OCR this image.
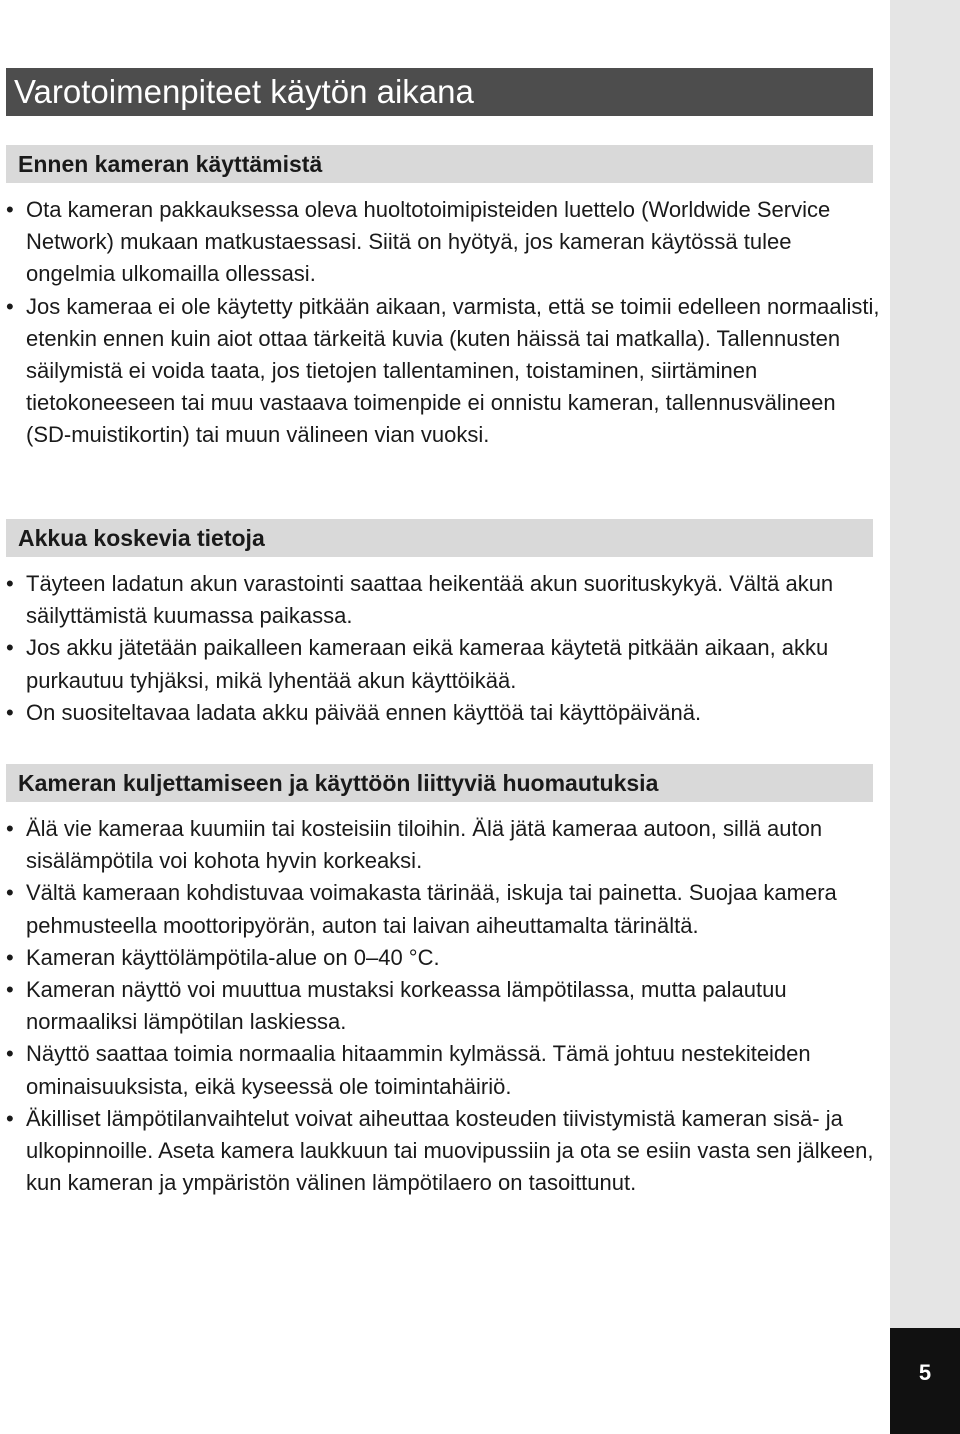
5
Varotoimenpiteet käytön aikana
Ennen kameran käyttämistä
• Ota kameran pakkauksessa oleva huoltotoimipisteiden luettelo (Worldwide Service Network) mukaan matkustaessasi. Siitä on hyötyä, jos kameran käytössä tulee ongelmia ulkomailla ollessasi.
• Jos kameraa ei ole käytetty pitkään aikaan, varmista, että se toimii edelleen normaalisti, etenkin ennen kuin aiot ottaa tärkeitä kuvia (kuten häissä tai matkalla). Tallennusten säilymistä ei voida taata, jos tietojen tallentaminen, toistaminen, siirtäminen tietokoneeseen tai muu vastaava toimenpide ei onnistu kameran, tallennusvälineen (SD-muistikortin) tai muun välineen vian vuoksi.
Akkua koskevia tietoja
• Täyteen ladatun akun varastointi saattaa heikentää akun suorituskykyä. Vältä akun säilyttämistä kuumassa paikassa.
• Jos akku jätetään paikalleen kameraan eikä kameraa käytetä pitkään aikaan, akku purkautuu tyhjäksi, mikä lyhentää akun käyttöikää.
• On suositeltavaa ladata akku päivää ennen käyttöä tai käyttöpäivänä.
Kameran kuljettamiseen ja käyttöön liittyviä huomautuksia
• Älä vie kameraa kuumiin tai kosteisiin tiloihin. Älä jätä kameraa autoon, sillä auton sisälämpötila voi kohota hyvin korkeaksi.
• Vältä kameraan kohdistuvaa voimakasta tärinää, iskuja tai painetta. Suojaa kamera pehmusteella moottoripyörän, auton tai laivan aiheuttamalta tärinältä.
• Kameran käyttölämpötila-alue on 0–40 °C.
• Kameran näyttö voi muuttua mustaksi korkeassa lämpötilassa, mutta palautuu normaaliksi lämpötilan laskiessa.
• Näyttö saattaa toimia normaalia hitaammin kylmässä. Tämä johtuu nestekiteiden ominaisuuksista, eikä kyseessä ole toimintahäiriö.
• Äkilliset lämpötilanvaihtelut voivat aiheuttaa kosteuden tiivistymistä kameran sisä- ja ulkopinnoille. Aseta kamera laukkuun tai muovipussiin ja ota se esiin vasta sen jälkeen, kun kameran ja ympäristön välinen lämpötilaero on tasoittunut.
